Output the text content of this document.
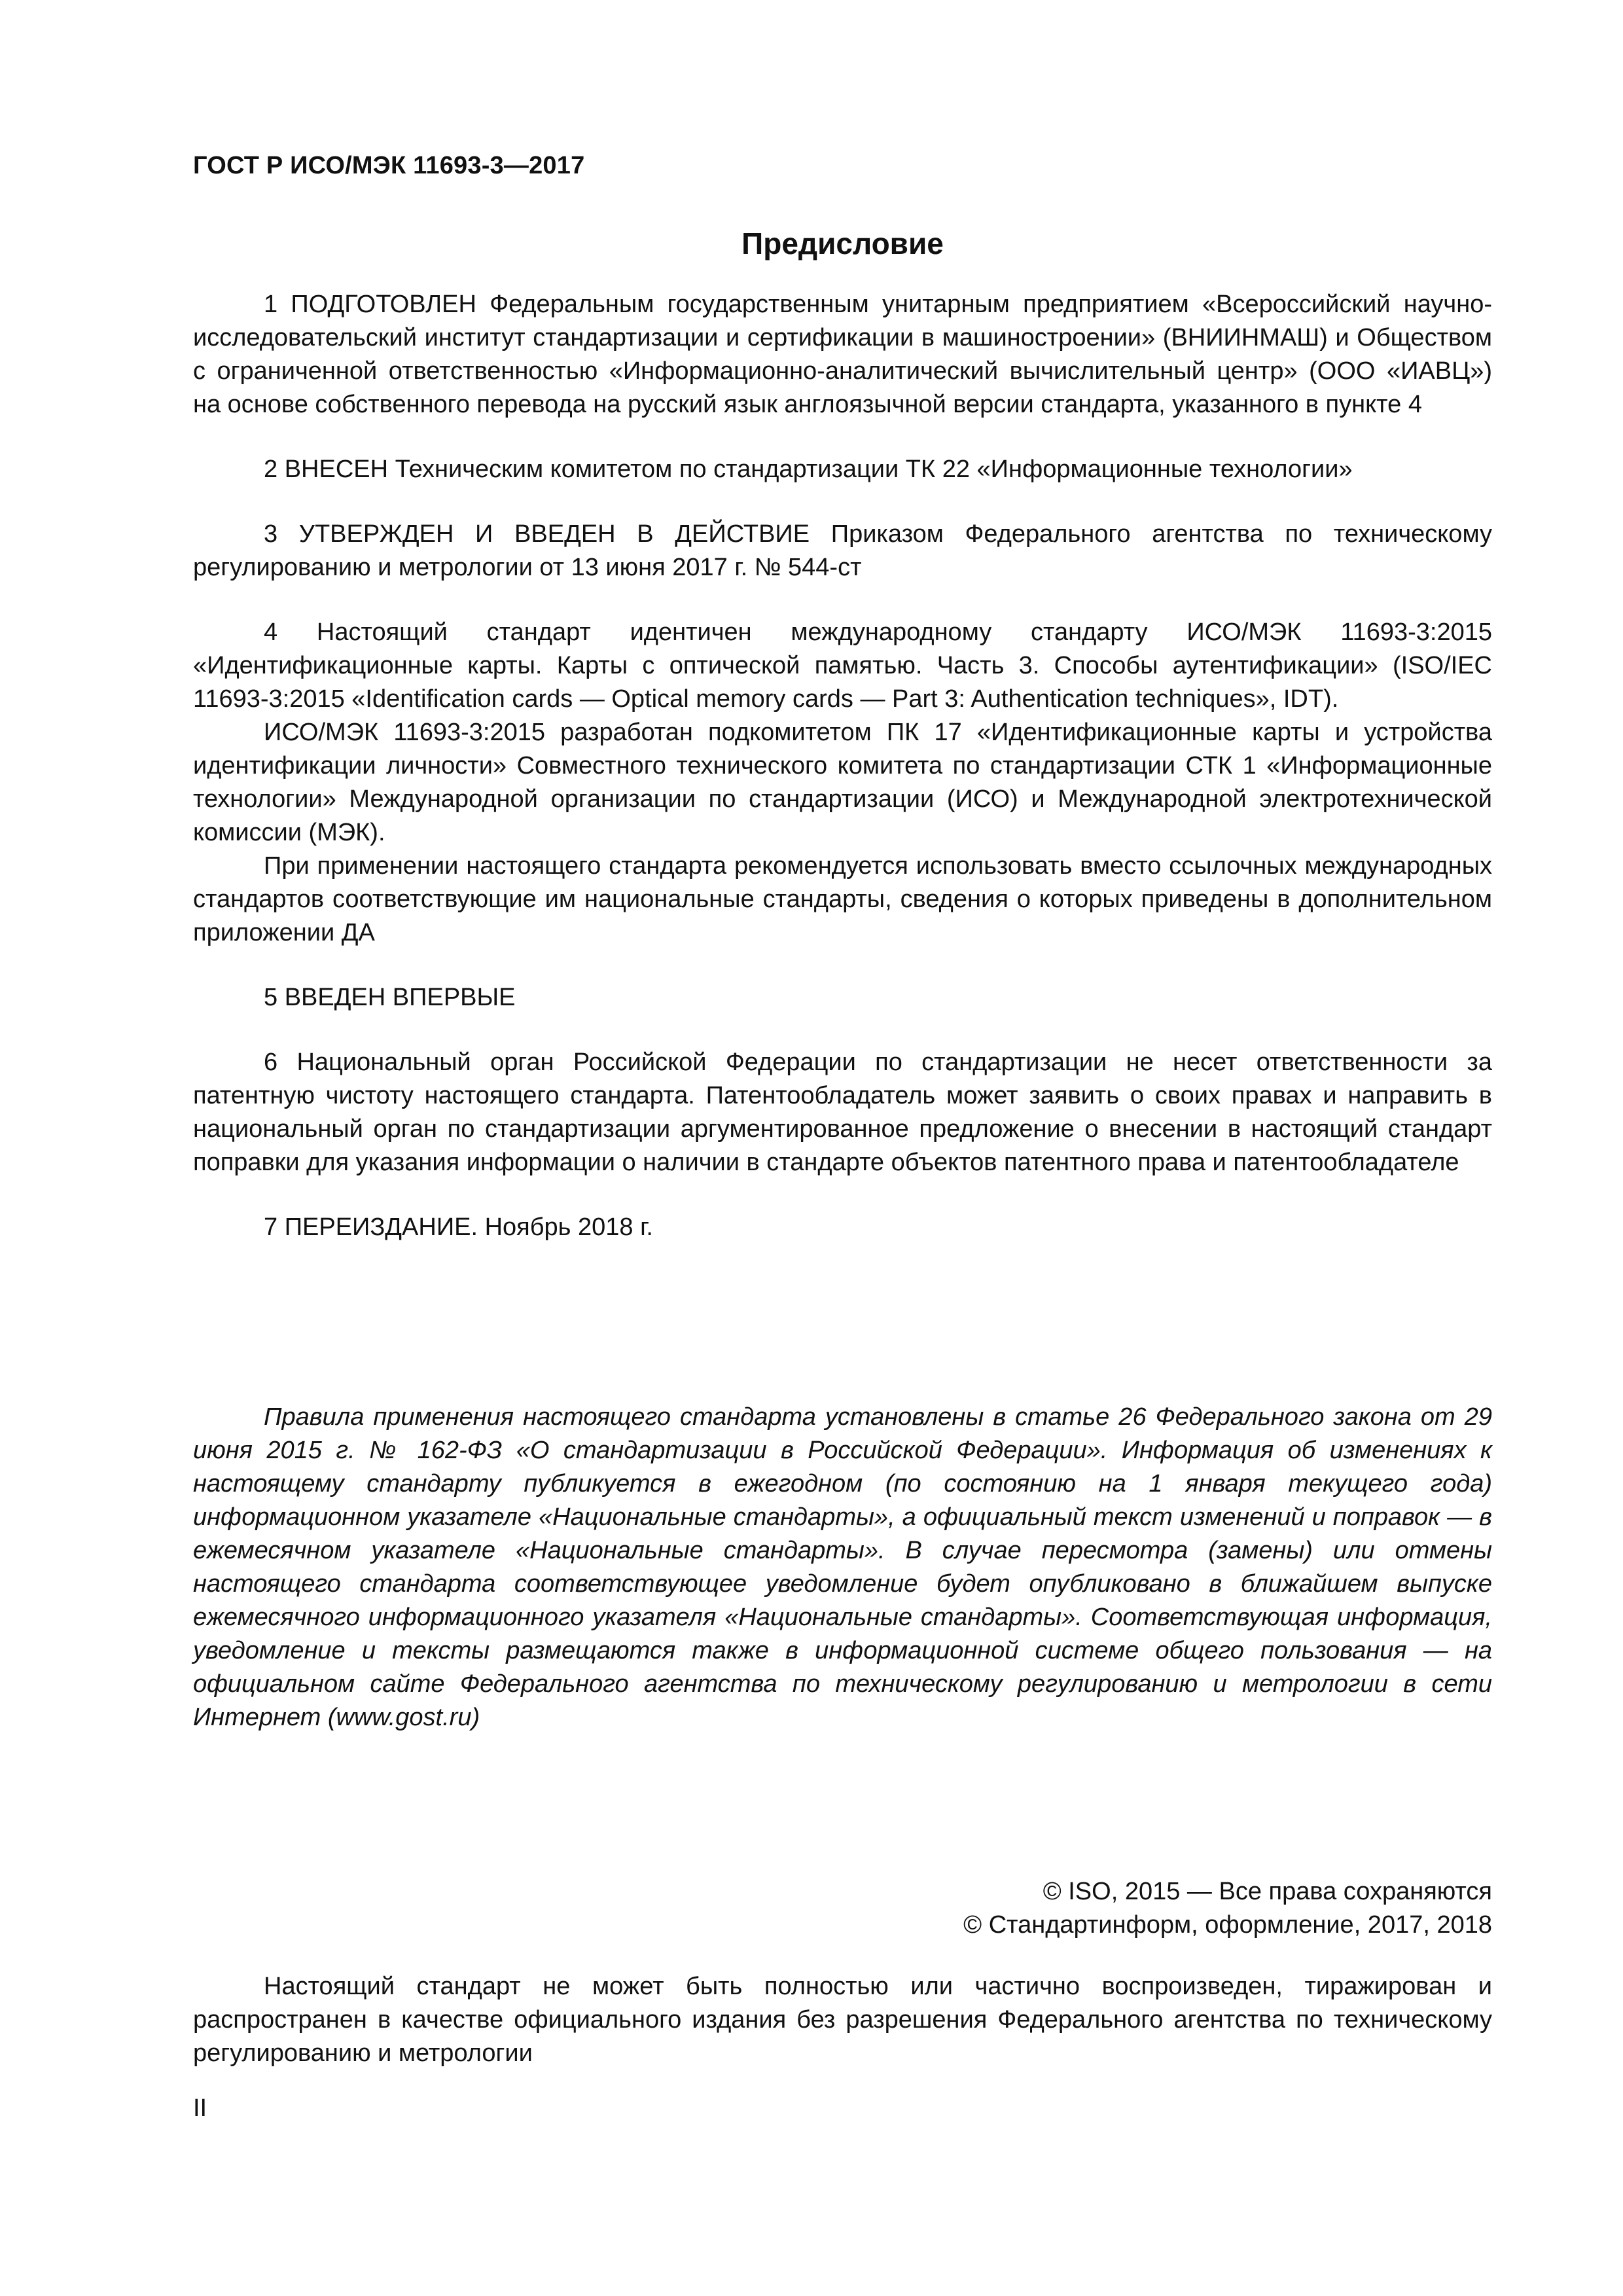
ГОСТ Р ИСО/МЭК 11693-3—2017
Предисловие

1 ПОДГОТОВЛЕН Федеральным государственным унитарным предприятием «Всероссийский научно-исследовательский институт стандартизации и сертификации в машиностроении» (ВНИИНМАШ) и Обществом с ограниченной ответственностью «Информационно-аналитический вычислительный центр» (ООО «ИАВЦ») на основе собственного перевода на русский язык англоязычной версии стандарта, указанного в пункте 4

2 ВНЕСЕН Техническим комитетом по стандартизации ТК 22 «Информационные технологии»

3 УТВЕРЖДЕН И ВВЕДЕН В ДЕЙСТВИЕ Приказом Федерального агентства по техническому регулированию и метрологии от 13 июня 2017 г. № 544-ст

4 Настоящий стандарт идентичен международному стандарту ИСО/МЭК 11693-3:2015 «Идентификационные карты. Карты с оптической памятью. Часть 3. Способы аутентификации» (ISO/IEC 11693-3:2015 «Identification cards — Optical memory cards — Part 3: Authentication techniques», IDT).

ИСО/МЭК 11693-3:2015 разработан подкомитетом ПК 17 «Идентификационные карты и устройства идентификации личности» Совместного технического комитета по стандартизации СТК 1 «Информационные технологии» Международной организации по стандартизации (ИСО) и Международной электротехнической комиссии (МЭК).

При применении настоящего стандарта рекомендуется использовать вместо ссылочных международных стандартов соответствующие им национальные стандарты, сведения о которых приведены в дополнительном приложении ДА

5 ВВЕДЕН ВПЕРВЫЕ

6 Национальный орган Российской Федерации по стандартизации не несет ответственности за патентную чистоту настоящего стандарта. Патентообладатель может заявить о своих правах и направить в национальный орган по стандартизации аргументированное предложение о внесении в настоящий стандарт поправки для указания информации о наличии в стандарте объектов патентного права и патентообладателе

7 ПЕРЕИЗДАНИЕ. Ноябрь 2018 г.

Правила применения настоящего стандарта установлены в статье 26 Федерального закона от 29 июня 2015 г. № 162-ФЗ «О стандартизации в Российской Федерации». Информация об изменениях к настоящему стандарту публикуется в ежегодном (по состоянию на 1 января текущего года) информационном указателе «Национальные стандарты», а официальный текст изменений и поправок — в ежемесячном указателе «Национальные стандарты». В случае пересмотра (замены) или отмены настоящего стандарта соответствующее уведомление будет опубликовано в ближайшем выпуске ежемесячного информационного указателя «Национальные стандарты». Соответствующая информация, уведомление и тексты размещаются также в информационной системе общего пользования — на официальном сайте Федерального агентства по техническому регулированию и метрологии в сети Интернет (www.gost.ru)

© ISO, 2015 — Все права сохраняются
© Стандартинформ, оформление, 2017, 2018

Настоящий стандарт не может быть полностью или частично воспроизведен, тиражирован и распространен в качестве официального издания без разрешения Федерального агентства по техническому регулированию и метрологии

II
